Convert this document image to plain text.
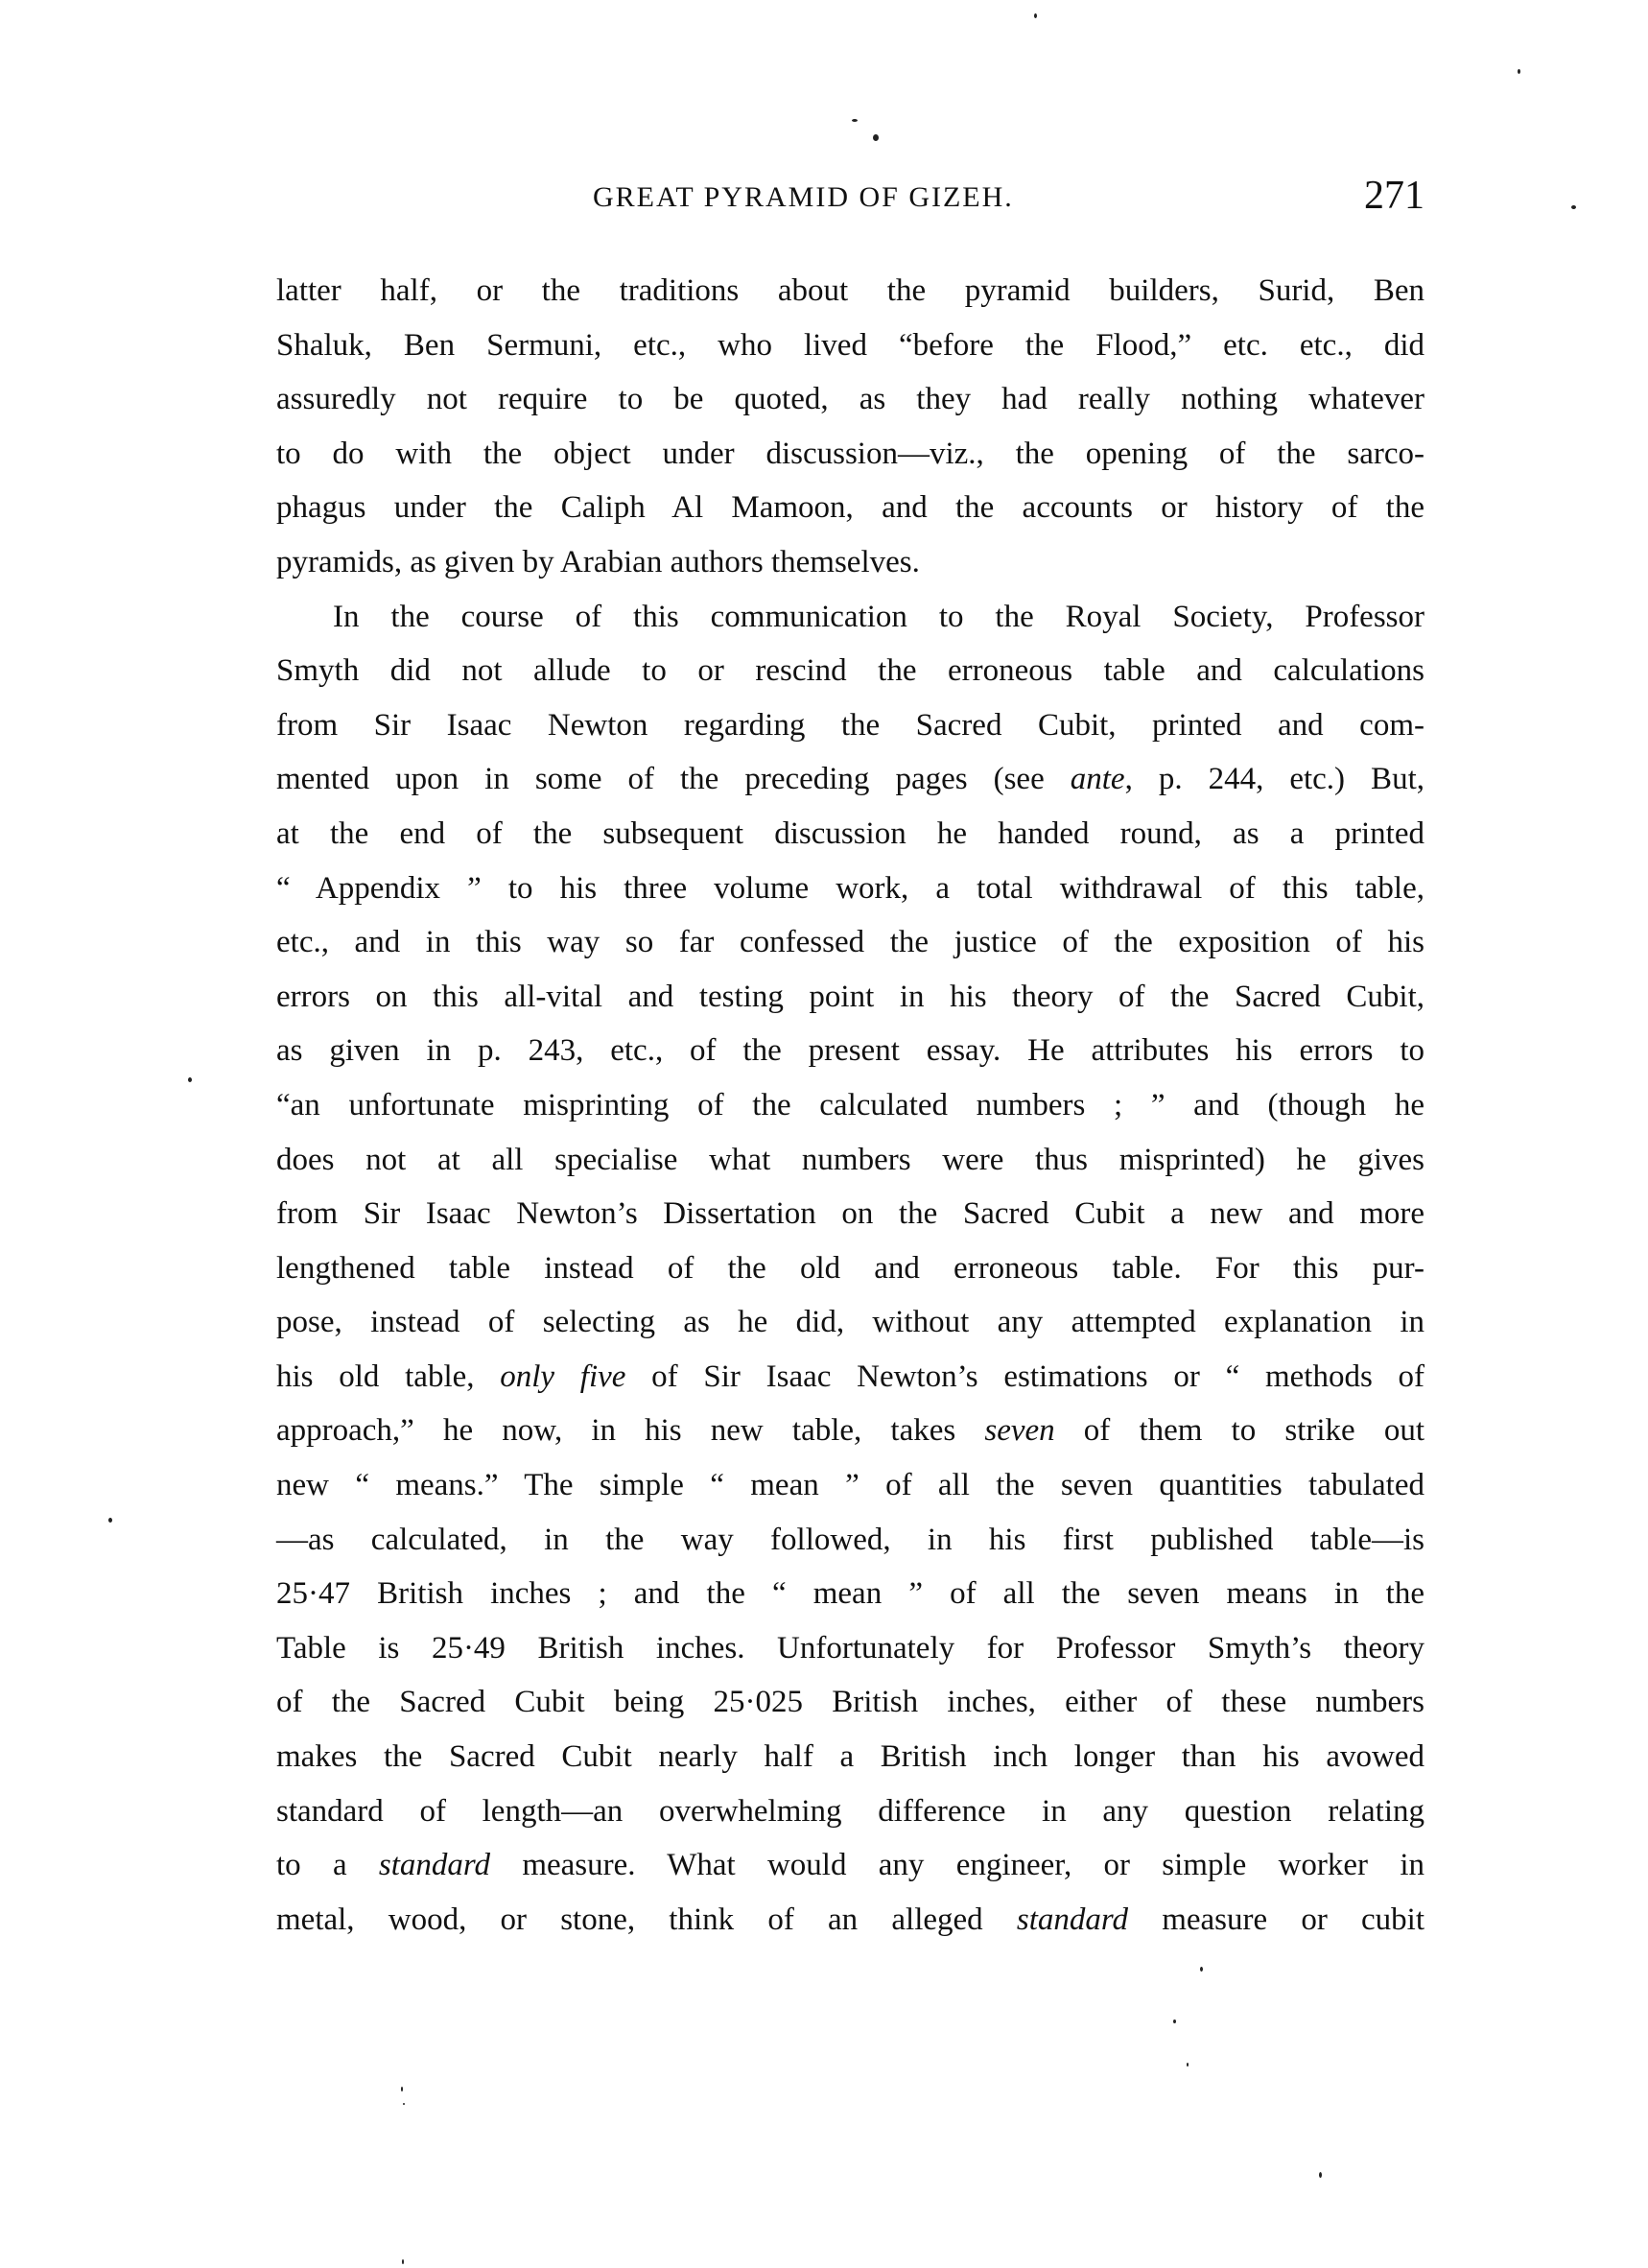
GREAT PYRAMID OF GIZEH.	271
latter half, or the traditions about the pyramid builders, Surid, Ben
Shaluk, Ben Sermuni, etc., who lived “before the Flood,” etc. etc., did
assuredly not require to be quoted, as they had really nothing whatever
to do with the object under discussion—viz., the opening of the sarco-
phagus under the Caliph Al Mamoon, and the accounts or history of the
pyramids, as given by Arabian authors themselves.
In the course of this communication to the Royal Society, Professor
Smyth did not allude to or rescind the erroneous table and calculations
from Sir Isaac Newton regarding the Sacred Cubit, printed and com-
mented upon in some of the preceding pages (see ante, p. 244, etc.) But,
at the end of the subsequent discussion he handed round, as a printed
“ Appendix ” to his three volume work, a total withdrawal of this table,
etc., and in this way so far confessed the justice of the exposition of his
errors on this all-vital and testing point in his theory of the Sacred Cubit,
as given in p. 243, etc., of the present essay. He attributes his errors to
“an unfortunate misprinting of the calculated numbers ; ” and (though he
does not at all specialise what numbers were thus misprinted) he gives
from Sir Isaac Newton’s Dissertation on the Sacred Cubit a new and more
lengthened table instead of the old and erroneous table. For this pur-
pose, instead of selecting as he did, without any attempted explanation in
his old table, only five of Sir Isaac Newton’s estimations or “ methods of
approach,” he now, in his new table, takes seven of them to strike out
new “ means.” The simple “ mean ” of all the seven quantities tabulated
—as calculated, in the way followed, in his first published table—is
25·47 British inches ; and the “ mean ” of all the seven means in the
Table is 25·49 British inches. Unfortunately for Professor Smyth’s theory
of the Sacred Cubit being 25·025 British inches, either of these numbers
makes the Sacred Cubit nearly half a British inch longer than his avowed
standard of length—an overwhelming difference in any question relating
to a standard measure. What would any engineer, or simple worker in
metal, wood, or stone, think of an alleged standard measure or cubit
